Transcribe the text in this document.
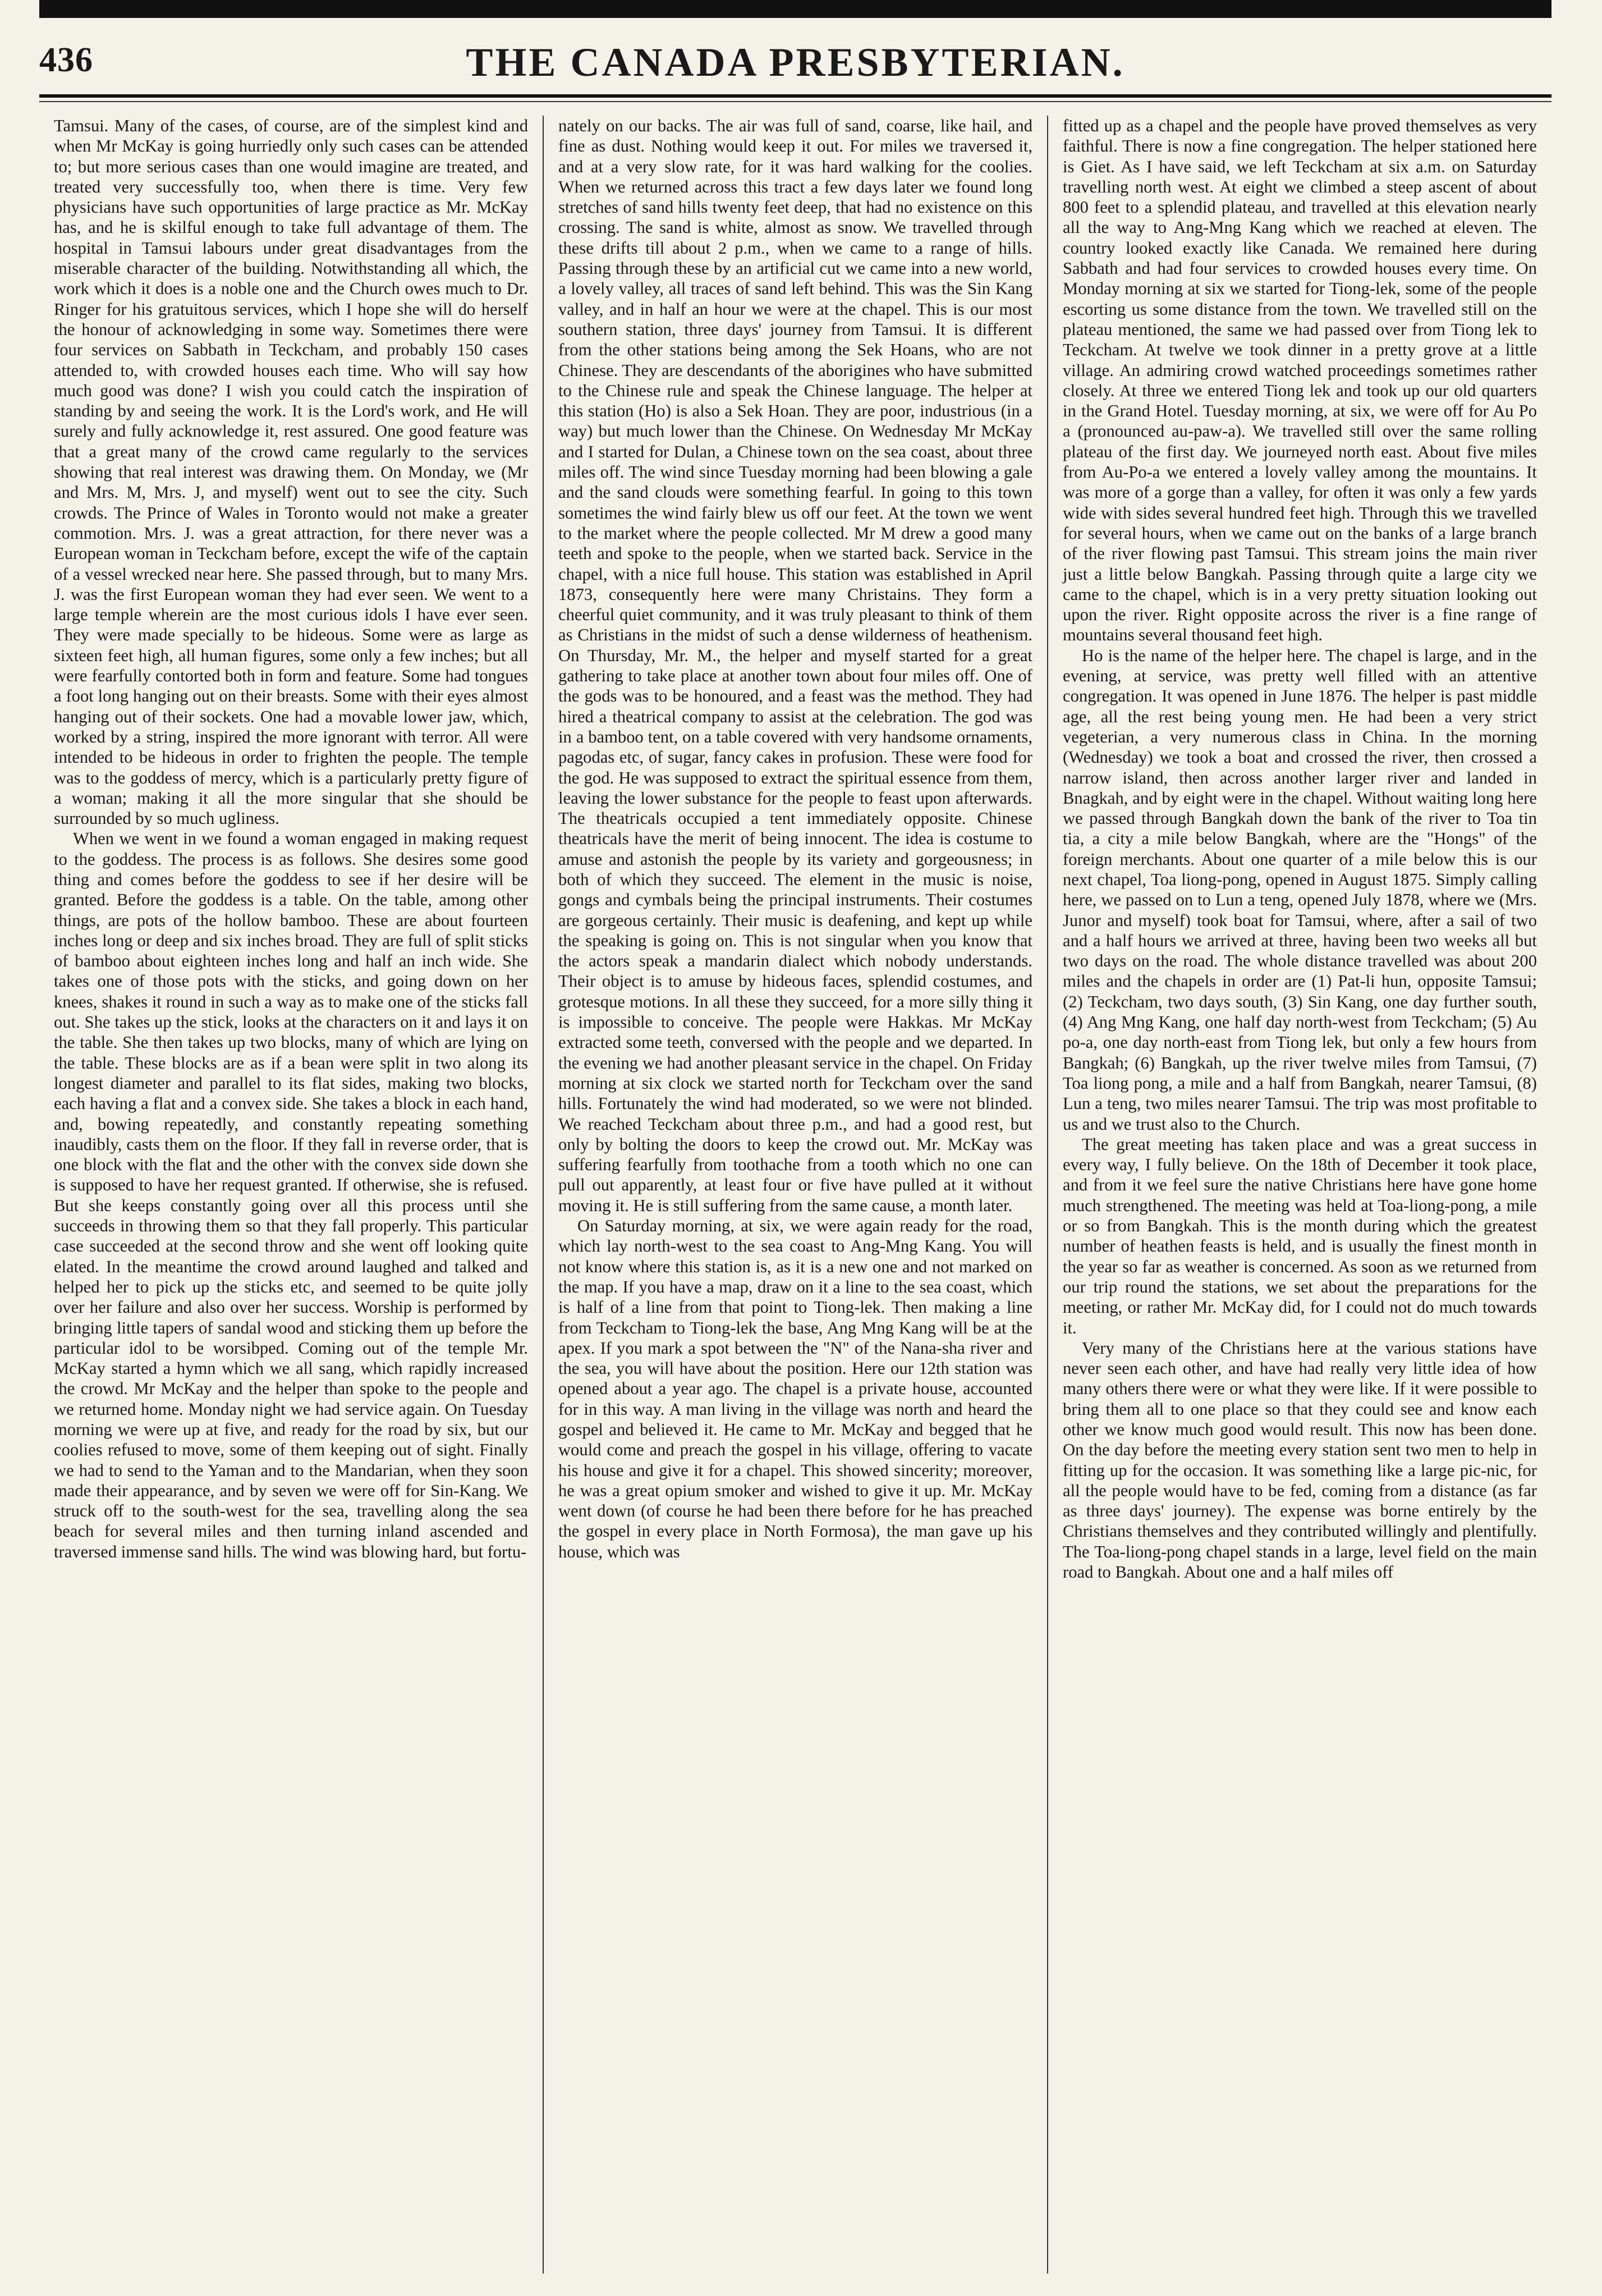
436	THE CANADA PRESBYTERIAN.

Tamsui. Many of the cases, of course, are of the simplest kind and when Mr McKay is going hurriedly only such cases can be attended to; but more serious cases than one would imagine are treated, and treated very successfully too, when there is time. Very few physicians have such opportunities of large practice as Mr. McKay has, and he is skilful enough to take full advantage of them. The hospital in Tamsui labours under great disadvantages from the miserable character of the building. Notwithstanding all which, the work which it does is a noble one and the Church owes much to Dr. Ringer for his gratuitous services, which I hope she will do herself the honour of acknowledging in some way. Sometimes there were four services on Sabbath in Teckcham, and probably 150 cases attended to, with crowded houses each time. Who will say how much good was done? I wish you could catch the inspiration of standing by and seeing the work. It is the Lord's work, and He will surely and fully acknowledge it, rest assured. One good feature was that a great many of the crowd came regularly to the services showing that real interest was drawing them. On Monday, we (Mr and Mrs. M, Mrs. J, and myself) went out to see the city. Such crowds. The Prince of Wales in Toronto would not make a greater commotion. Mrs. J. was a great attraction, for there never was a European woman in Teckcham before, except the wife of the captain of a vessel wrecked near here. She passed through, but to many Mrs. J. was the first European woman they had ever seen. We went to a large temple wherein are the most curious idols I have ever seen. They were made specially to be hideous. Some were as large as sixteen feet high, all human figures, some only a few inches; but all were fearfully contorted both in form and feature. Some had tongues a foot long hanging out on their breasts. Some with their eyes almost hanging out of their sockets. One had a movable lower jaw, which, worked by a string, inspired the more ignorant with terror. All were intended to be hideous in order to frighten the people. The temple was to the goddess of mercy, which is a particularly pretty figure of a woman; making it all the more singular that she should be surrounded by so much ugliness.

When we went in we found a woman engaged in making request to the goddess. The process is as follows. She desires some good thing and comes before the goddess to see if her desire will be granted. Before the goddess is a table. On the table, among other things, are pots of the hollow bamboo. These are about fourteen inches long or deep and six inches broad. They are full of split sticks of bamboo about eighteen inches long and half an inch wide. She takes one of those pots with the sticks, and going down on her knees, shakes it round in such a way as to make one of the sticks fall out. She takes up the stick, looks at the characters on it and lays it on the table. She then takes up two blocks, many of which are lying on the table. These blocks are as if a bean were split in two along its longest diameter and parallel to its flat sides, making two blocks, each having a flat and a convex side. She takes a block in each hand, and, bowing repeatedly, and constantly repeating something inaudibly, casts them on the floor. If they fall in reverse order, that is one block with the flat and the other with the convex side down she is supposed to have her request granted. If otherwise, she is refused. But she keeps constantly going over all this process until she succeeds in throwing them so that they fall properly. This particular case succeeded at the second throw and she went off looking quite elated. In the meantime the crowd around laughed and talked and helped her to pick up the sticks etc, and seemed to be quite jolly over her failure and also over her success. Worship is performed by bringing little tapers of sandal wood and sticking them up before the particular idol to be worsibped. Coming out of the temple Mr. McKay started a hymn which we all sang, which rapidly increased the crowd. Mr McKay and the helper than spoke to the people and we returned home. Monday night we had service again. On Tuesday morning we were up at five, and ready for the road by six, but our coolies refused to move, some of them keeping out of sight. Finally we had to send to the Yaman and to the Mandarian, when they soon made their appearance, and by seven we were off for Sin-Kang. We struck off to the south-west for the sea, travelling along the sea beach for several miles and then turning inland ascended and traversed immense sand hills. The wind was blowing hard, but fortu-

nately on our backs. The air was full of sand, coarse, like hail, and fine as dust. Nothing would keep it out. For miles we traversed it, and at a very slow rate, for it was hard walking for the coolies. When we returned across this tract a few days later we found long stretches of sand hills twenty feet deep, that had no existence on this crossing. The sand is white, almost as snow. We travelled through these drifts till about 2 p.m., when we came to a range of hills. Passing through these by an artificial cut we came into a new world, a lovely valley, all traces of sand left behind. This was the Sin Kang valley, and in half an hour we were at the chapel. This is our most southern station, three days' journey from Tamsui. It is different from the other stations being among the Sek Hoans, who are not Chinese. They are descendants of the aborigines who have submitted to the Chinese rule and speak the Chinese language. The helper at this station (Ho) is also a Sek Hoan. They are poor, industrious (in a way) but much lower than the Chinese. On Wednesday Mr McKay and I started for Dulan, a Chinese town on the sea coast, about three miles off. The wind since Tuesday morning had been blowing a gale and the sand clouds were something fearful. In going to this town sometimes the wind fairly blew us off our feet. At the town we went to the market where the people collected. Mr M drew a good many teeth and spoke to the people, when we started back. Service in the chapel, with a nice full house. This station was established in April 1873, consequently here were many Christains. They form a cheerful quiet community, and it was truly pleasant to think of them as Christians in the midst of such a dense wilderness of heathenism. On Thursday, Mr. M., the helper and myself started for a great gathering to take place at another town about four miles off. One of the gods was to be honoured, and a feast was the method. They had hired a theatrical company to assist at the celebration. The god was in a bamboo tent, on a table covered with very handsome ornaments, pagodas etc, of sugar, fancy cakes in profusion. These were food for the god. He was supposed to extract the spiritual essence from them, leaving the lower substance for the people to feast upon afterwards. The theatricals occupied a tent immediately opposite. Chinese theatricals have the merit of being innocent. The idea is costume to amuse and astonish the people by its variety and gorgeousness; in both of which they succeed. The element in the music is noise, gongs and cymbals being the principal instruments. Their costumes are gorgeous certainly. Their music is deafening, and kept up while the speaking is going on. This is not singular when you know that the actors speak a mandarin dialect which nobody understands. Their object is to amuse by hideous faces, splendid costumes, and grotesque motions. In all these they succeed, for a more silly thing it is impossible to conceive. The people were Hakkas. Mr McKay extracted some teeth, conversed with the people and we departed. In the evening we had another pleasant service in the chapel. On Friday morning at six clock we started north for Teckcham over the sand hills. Fortunately the wind had moderated, so we were not blinded. We reached Teckcham about three p.m., and had a good rest, but only by bolting the doors to keep the crowd out. Mr. McKay was suffering fearfully from toothache from a tooth which no one can pull out apparently, at least four or five have pulled at it without moving it. He is still suffering from the same cause, a month later.

On Saturday morning, at six, we were again ready for the road, which lay north-west to the sea coast to Ang-Mng Kang. You will not know where this station is, as it is a new one and not marked on the map. If you have a map, draw on it a line to the sea coast, which is half of a line from that point to Tiong-lek. Then making a line from Teckcham to Tiong-lek the base, Ang Mng Kang will be at the apex. If you mark a spot between the "N" of the Nana-sha river and the sea, you will have about the position. Here our 12th station was opened about a year ago. The chapel is a private house, accounted for in this way. A man living in the village was north and heard the gospel and believed it. He came to Mr. McKay and begged that he would come and preach the gospel in his village, offering to vacate his house and give it for a chapel. This showed sincerity; moreover, he was a great opium smoker and wished to give it up. Mr. McKay went down (of course he had been there before for he has preached the gospel in every place in North Formosa), the man gave up his house, which was

fitted up as a chapel and the people have proved themselves as very faithful. There is now a fine congregation. The helper stationed here is Giet. As I have said, we left Teckcham at six a.m. on Saturday travelling north west. At eight we climbed a steep ascent of about 800 feet to a splendid plateau, and travelled at this elevation nearly all the way to Ang-Mng Kang which we reached at eleven. The country looked exactly like Canada. We remained here during Sabbath and had four services to crowded houses every time. On Monday morning at six we started for Tiong-lek, some of the people escorting us some distance from the town. We travelled still on the plateau mentioned, the same we had passed over from Tiong lek to Teckcham. At twelve we took dinner in a pretty grove at a little village. An admiring crowd watched proceedings sometimes rather closely. At three we entered Tiong lek and took up our old quarters in the Grand Hotel. Tuesday morning, at six, we were off for Au Po a (pronounced au-paw-a). We travelled still over the same rolling plateau of the first day. We journeyed north east. About five miles from Au-Po-a we entered a lovely valley among the mountains. It was more of a gorge than a valley, for often it was only a few yards wide with sides several hundred feet high. Through this we travelled for several hours, when we came out on the banks of a large branch of the river flowing past Tamsui. This stream joins the main river just a little below Bangkah. Passing through quite a large city we came to the chapel, which is in a very pretty situation looking out upon the river. Right opposite across the river is a fine range of mountains several thousand feet high.

Ho is the name of the helper here. The chapel is large, and in the evening, at service, was pretty well filled with an attentive congregation. It was opened in June 1876. The helper is past middle age, all the rest being young men. He had been a very strict vegeterian, a very numerous class in China. In the morning (Wednesday) we took a boat and crossed the river, then crossed a narrow island, then across another larger river and landed in Bnagkah, and by eight were in the chapel. Without waiting long here we passed through Bangkah down the bank of the river to Toa tin tia, a city a mile below Bangkah, where are the "Hongs" of the foreign merchants. About one quarter of a mile below this is our next chapel, Toa liong-pong, opened in August 1875. Simply calling here, we passed on to Lun a teng, opened July 1878, where we (Mrs. Junor and myself) took boat for Tamsui, where, after a sail of two and a half hours we arrived at three, having been two weeks all but two days on the road. The whole distance travelled was about 200 miles and the chapels in order are (1) Pat-li hun, opposite Tamsui; (2) Teckcham, two days south, (3) Sin Kang, one day further south, (4) Ang Mng Kang, one half day north-west from Teckcham; (5) Au po-a, one day north-east from Tiong lek, but only a few hours from Bangkah; (6) Bangkah, up the river twelve miles from Tamsui, (7) Toa liong pong, a mile and a half from Bangkah, nearer Tamsui, (8) Lun a teng, two miles nearer Tamsui. The trip was most profitable to us and we trust also to the Church.

The great meeting has taken place and was a great success in every way, I fully believe. On the 18th of December it took place, and from it we feel sure the native Christians here have gone home much strengthened. The meeting was held at Toa-liong-pong, a mile or so from Bangkah. This is the month during which the greatest number of heathen feasts is held, and is usually the finest month in the year so far as weather is concerned. As soon as we returned from our trip round the stations, we set about the preparations for the meeting, or rather Mr. McKay did, for I could not do much towards it.

Very many of the Christians here at the various stations have never seen each other, and have had really very little idea of how many others there were or what they were like. If it were possible to bring them all to one place so that they could see and know each other we know much good would result. This now has been done. On the day before the meeting every station sent two men to help in fitting up for the occasion. It was something like a large pic-nic, for all the people would have to be fed, coming from a distance (as far as three days' journey). The expense was borne entirely by the Christians themselves and they contributed willingly and plentifully. The Toa-liong-pong chapel stands in a large, level field on the main road to Bangkah. About one and a half miles off
